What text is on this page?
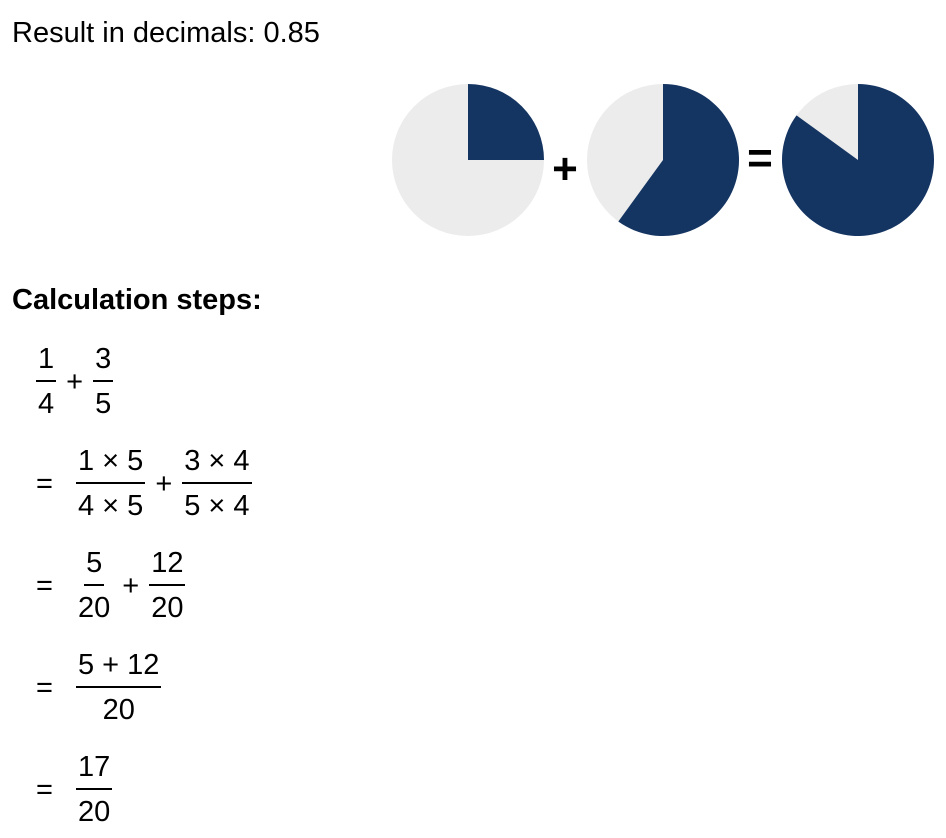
Result in decimals: 0.85
+	=
Calculation steps:
$\frac{1}{4} + \frac{3}{5}$
= $\frac{1 \times 5}{4 \times 5} + \frac{3 \times 4}{5 \times 4}$
= $\frac{5}{20} + \frac{12}{20}$
= $\frac{5 + 12}{20}$
= $\frac{17}{20}$
